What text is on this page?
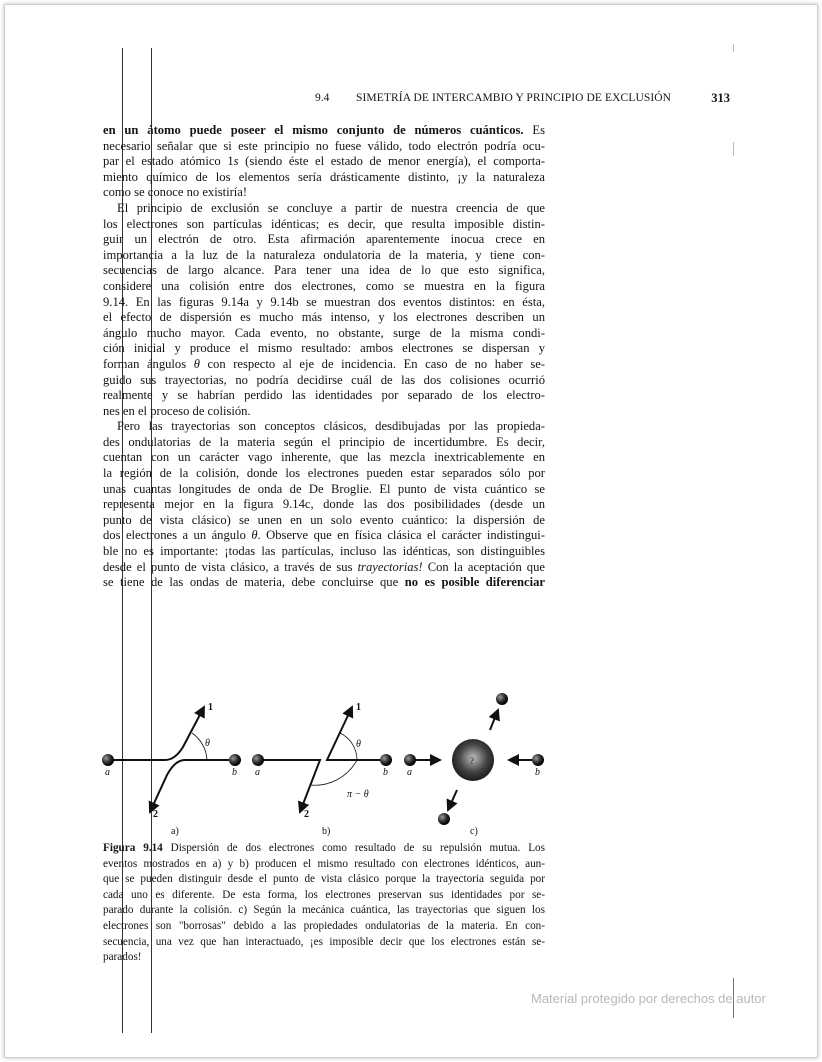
9.4 SIMETRÍA DE INTERCAMBIO Y PRINCIPIO DE EXCLUSIÓN	313
en un átomo puede poseer el mismo conjunto de números cuánticos. Es
necesario señalar que si este principio no fuese válido, todo electrón podría ocu-
par el estado atómico 1s (siendo éste el estado de menor energía), el comporta-
miento químico de los elementos sería drásticamente distinto, ¡y la naturaleza
como se conoce no existiría!
El principio de exclusión se concluye a partir de nuestra creencia de que
los electrones son partículas idénticas; es decir, que resulta imposible distin-
guir un electrón de otro. Esta afirmación aparentemente inocua crece en
importancia a la luz de la naturaleza ondulatoria de la materia, y tiene con-
secuencias de largo alcance. Para tener una idea de lo que esto significa,
considere una colisión entre dos electrones, como se muestra en la figura
9.14. En las figuras 9.14a y 9.14b se muestran dos eventos distintos: en ésta,
el efecto de dispersión es mucho más intenso, y los electrones describen un
ángulo mucho mayor. Cada evento, no obstante, surge de la misma condi-
ción inicial y produce el mismo resultado: ambos electrones se dispersan y
forman ángulos θ con respecto al eje de incidencia. En caso de no haber se-
guido sus trayectorias, no podría decidirse cuál de las dos colisiones ocurrió
realmente y se habrían perdido las identidades por separado de los electro-
nes en el proceso de colisión.
Pero las trayectorias son conceptos clásicos, desdibujadas por las propieda-
des ondulatorias de la materia según el principio de incertidumbre. Es decir,
cuentan con un carácter vago inherente, que las mezcla inextricablemente en
la región de la colisión, donde los electrones pueden estar separados sólo por
unas cuantas longitudes de onda de De Broglie. El punto de vista cuántico se
representa mejor en la figura 9.14c, donde las dos posibilidades (desde un
punto de vista clásico) se unen en un solo evento cuántico: la dispersión de
dos electrones a un ángulo θ. Observe que en física clásica el carácter indistingui-
ble no es importante: ¡todas las partículas, incluso las idénticas, son distinguibles
desde el punto de vista clásico, a través de sus trayectorias! Con la aceptación que
se tiene de las ondas de materia, debe concluirse que no es posible diferenciar
?
a	b
1
2
θ
a)
a	b
1
2
θ
π − θ
b)
a	b
c)
Figura 9.14 Dispersión de dos electrones como resultado de su repulsión mutua. Los
eventos mostrados en a) y b) producen el mismo resultado con electrones idénticos, aun-
que se pueden distinguir desde el punto de vista clásico porque la trayectoria seguida por
cada uno es diferente. De esta forma, los electrones preservan sus identidades por se-
parado durante la colisión. c) Según la mecánica cuántica, las trayectorias que siguen los
electrones son "borrosas" debido a las propiedades ondulatorias de la materia. En con-
secuencia, una vez que han interactuado, ¡es imposible decir que los electrones están se-
parados!
Material protegido por derechos de autor
